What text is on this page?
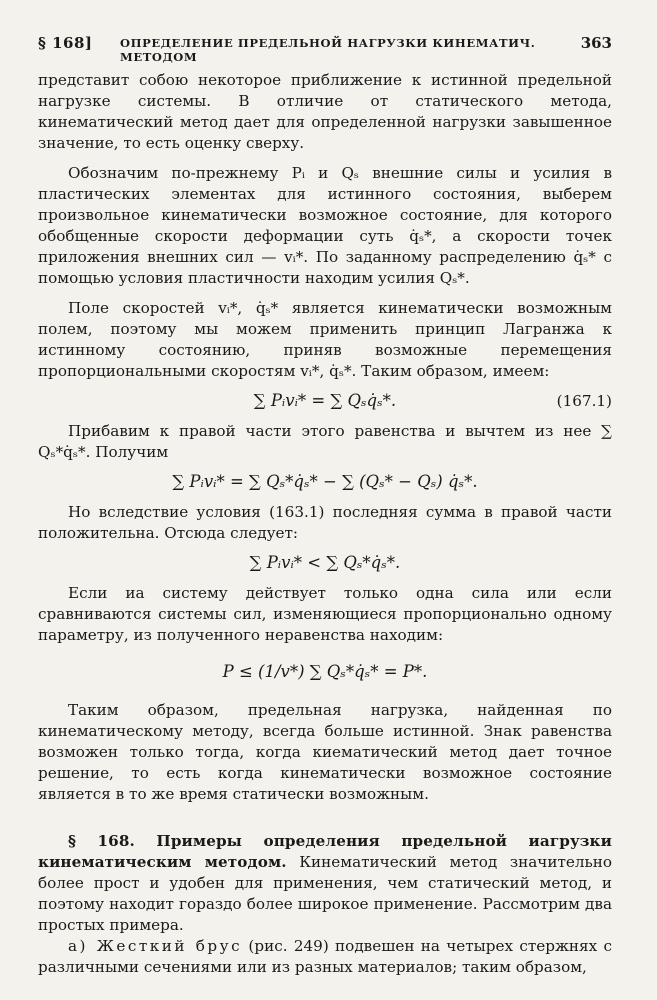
§ 168] ОПРЕДЕЛЕНИЕ ПРЕДЕЛЬНОЙ НАГРУЗКИ КИНЕМАТИЧ. МЕТОДОМ
363

представит собою некоторое приближение к истинной предельной нагрузке системы. В отличие от статического метода, кинематический метод дает для определенной нагрузки завышенное значение, то есть оценку сверху.

Обозначим по-прежнему Pᵢ и Qₛ внешние силы и усилия в пластических элементах для истинного состояния, выберем произвольное кинематически возможное состояние, для которого обобщенные скорости деформации суть q̇ₛ*, а скорости точек приложения внешних сил — vᵢ*. По заданному распределению q̇ₛ* с помощью условия пластичности находим усилия Qₛ*.

Поле скоростей vᵢ*, q̇ₛ* является кинематически возможным полем, поэтому мы можем применить принцип Лагранжа к истинному состоянию, приняв возможные перемещения пропорциональными скоростям vᵢ*, q̇ₛ*. Таким образом, имеем:

∑ Pᵢvᵢ* = ∑ Qₛq̇ₛ*.	(167.1)

Прибавим к правой части этого равенства и вычтем из нее ∑ Qₛ*q̇ₛ*. Получим

∑ Pᵢvᵢ* = ∑ Qₛ*q̇ₛ* − ∑ (Qₛ* − Qₛ) q̇ₛ*.

Но вследствие условия (163.1) последняя сумма в правой части положительна. Отсюда следует:

∑ Pᵢvᵢ* < ∑ Qₛ*q̇ₛ*.

Если иа систему действует только одна сила или если сравниваются системы сил, изменяющиеся пропорционально одному параметру, из полученного неравенства находим:

P ≤ (1/v*) ∑ Qₛ*q̇ₛ* = P*.

Таким образом, предельная нагрузка, найденная по кинематическому методу, всегда больше истинной. Знак равенства возможен только тогда, когда киематический метод дает точное решение, то есть когда кинематически возможное состояние является в то же время статически возможным.

§ 168. Примеры определения предельной иагрузки кинематическим методом. Кинематический метод значительно более прост и удобен для применения, чем статический метод, и поэтому находит гораздо более широкое применение. Рассмотрим два простых примера.

а) Жесткий брус (рис. 249) подвешен на четырех стержнях с различными сечениями или из разных материалов; таким образом,
